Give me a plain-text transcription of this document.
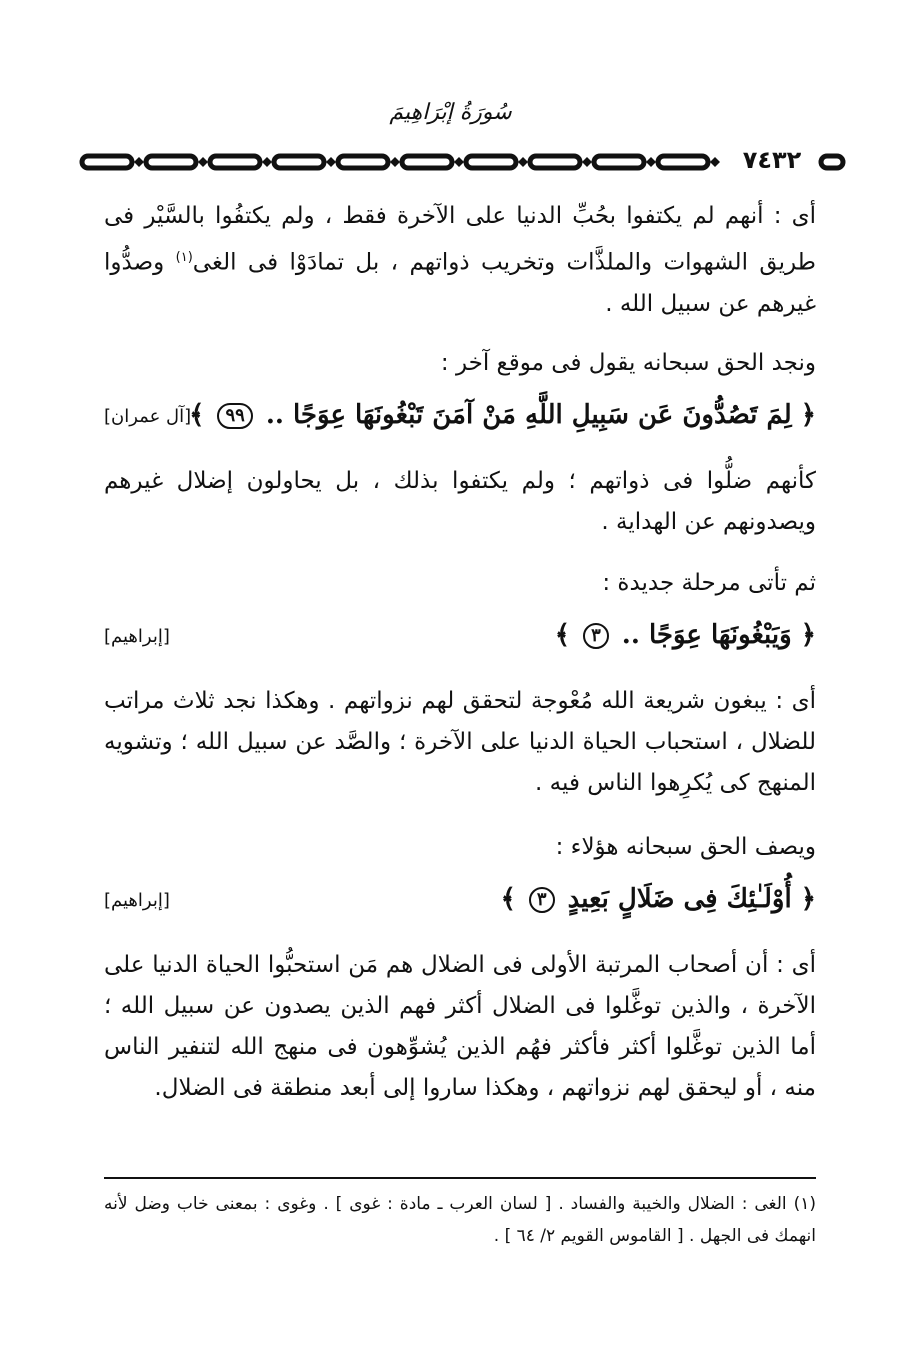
سُورَةُ إبْرَاهِيمَ
٧٤٣٢
أى : أنهم لم يكتفوا بحُبِّ الدنيا على الآخرة فقط ، ولم يكتفُوا بالسَّيْر فى طريق الشهوات والملذَّات وتخريب ذواتهم ، بل تمادَوْا فى الغى$^{(١)}$ وصدُّوا غيرهم عن سبيل الله .
ونجد الحق سبحانه يقول فى موقع آخر :
﴿ لِمَ تَصُدُّونَ عَن سَبِيلِ اللَّهِ مَنْ آمَنَ تَبْغُونَهَا عِوَجًا .. ٩٩ ﴾
[آل عمران]
كأنهم ضلُّوا فى ذواتهم ؛ ولم يكتفوا بذلك ، بل يحاولون إضلال غيرهم ويصدونهم عن الهداية .
ثم تأتى مرحلة جديدة :
﴿ وَيَبْغُونَهَا عِوَجًا .. ٣ ﴾
[إبراهيم]
أى : يبغون شريعة الله مُعْوجة لتحقق لهم نزواتهم . وهكذا نجد ثلاث مراتب للضلال ، استحباب الحياة الدنيا على الآخرة ؛ والصَّد عن سبيل الله ؛ وتشويه المنهج كى يُكرِهوا الناس فيه .
ويصف الحق سبحانه هؤلاء :
﴿ أُوْلَـٰئِكَ فِى ضَلَالٍ بَعِيدٍ ٣ ﴾
[إبراهيم]
أى : أن أصحاب المرتبة الأولى فى الضلال هم مَن استحبُّوا الحياة الدنيا على الآخرة ، والذين توغَّلوا فى الضلال أكثر فهم الذين يصدون عن سبيل الله ؛ أما الذين توغَّلوا أكثر فأكثر فهُم الذين يُشوِّهون فى منهج الله لتنفير الناس منه ، أو ليحقق لهم نزواتهم ، وهكذا ساروا إلى أبعد منطقة فى الضلال.
(١) الغى : الضلال والخيبة والفساد . [ لسان العرب ـ مادة : غوى ] . وغوى : بمعنى خاب وضل لأنه انهمك فى الجهل . [ القاموس القويم ٢/ ٦٤ ] .
